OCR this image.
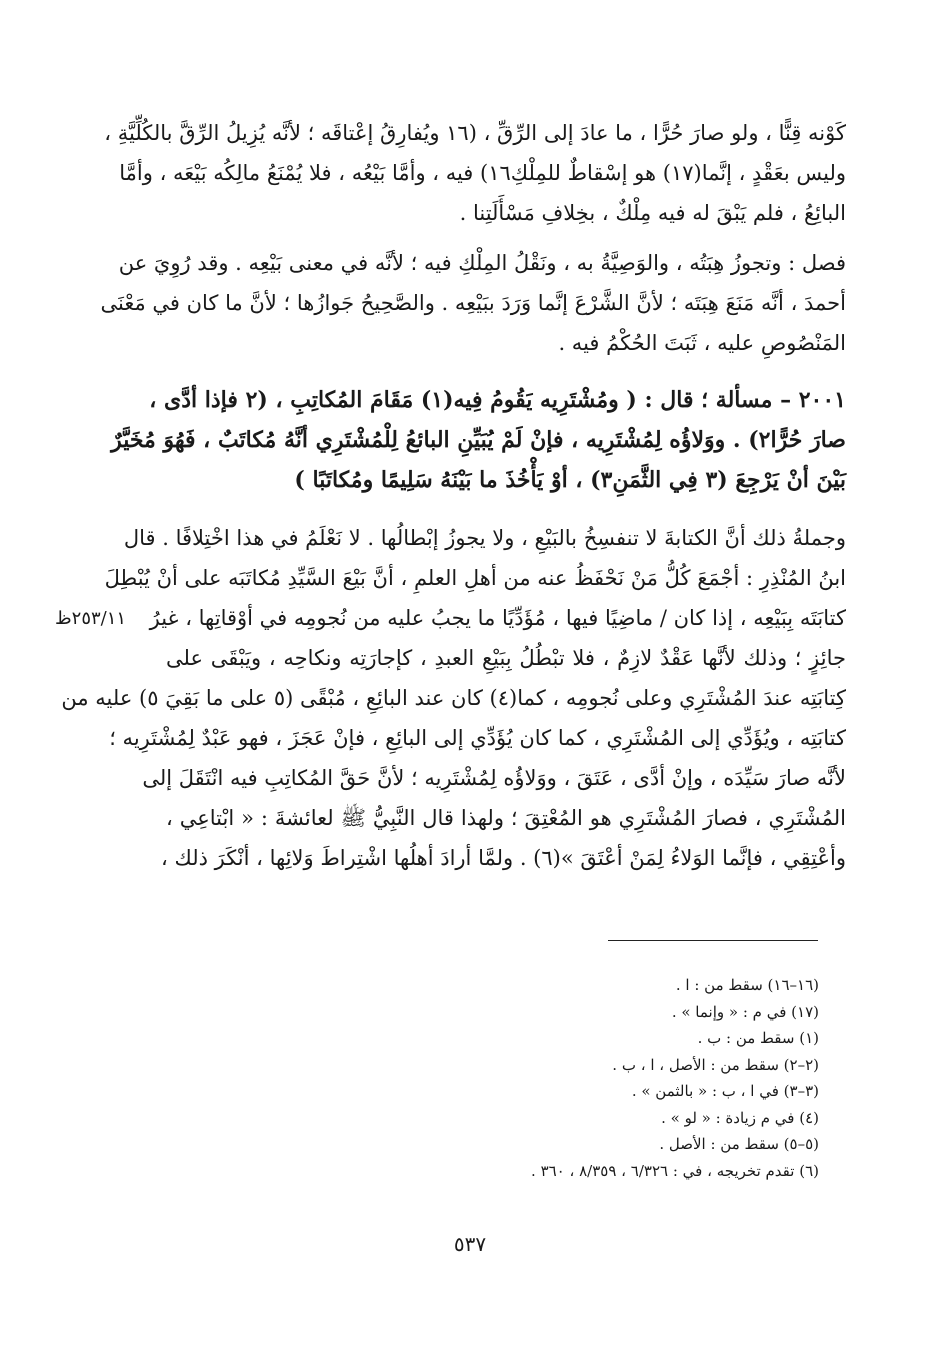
كَوْنه قِنًّا ، ولو صارَ حُرًّا ، ما عادَ إلى الرِّقِّ ، (١٦ ويُفارِقُ إعْتاقَه ؛ لأنَّه يُزِيلُ الرِّقَّ بالكُلِّيَّةِ ،
وليس بعَقْدٍ ، إنَّما(١٧) هو إسْقاطٌ للمِلْكِ١٦) فيه ، وأمَّا بَيْعُه ، فلا يُمْنَعُ مالِكُه بَيْعَه ، وأمَّا
البائِعُ ، فلم يَبْقَ له فيه مِلْكٌ ، بخِلافِ مَسْأَلَتِنا .
فصل : وتجوزُ هِبَتُه ، والوَصِيَّةُ به ، ونَقْلُ المِلْكِ فيه ؛ لأنَّه في معنى بَيْعِه . وقد رُوِيَ عن
أحمدَ ، أنَّه مَنَعَ هِبَتَه ؛ لأنَّ الشَّرْعَ إنَّما وَرَدَ ببَيْعِه . والصَّحِيحُ جَوازُها ؛ لأنَّ ما كان في مَعْنَى
المَنْصُوصِ عليه ، ثَبَتَ الحُكْمُ فيه .
٢٠٠١ – مسألة ؛ قال : ( ومُشْتَرِيه يَقُومُ فِيه(١) مَقَامَ المُكاتِبِ ، (٢ فإذا أدَّى ،
صارَ حُرًّا٢) . ووَلاؤُه لِمُشْتَرِيه ، فإنْ لَمْ يُبَيِّنِ البائعُ لِلْمُشْتَرِي أنَّهُ مُكاتَبٌ ، فَهُوَ مُخَيَّرٌ
بَيْنَ أنْ يَرْجِعَ (٣ فِي الثَّمَنِ٣) ، أوْ يَأْخُذَ ما بَيْنَهُ سَلِيمًا ومُكاتَبًا )
وجملةُ ذلك أنَّ الكتابةَ لا تنفسِخُ بالبَيْعِ ، ولا يجوزُ إبْطالُها . لا نَعْلَمُ في هذا اخْتِلافًا . قال
ابنُ المُنْذِرِ : أجْمَعَ كُلُّ مَنْ نَحْفَظُ عنه من أهلِ العلمِ ، أنَّ بَيْعَ السَّيِّدِ مُكاتَبَه على أنْ يُبْطِلَ
كتابَتَه بِبَيْعِه ، إذا كان / ماضِيًا فيها ، مُؤَدِّيًا ما يجبُ عليه من نُجومِه في أوْقاتِها ، غيرُ
جائِزٍ ؛ وذلك لأنَّها عَقْدٌ لازِمٌ ، فلا تبْطُلُ بِبَيْعِ العبدِ ، كإجارَتِه ونكاحِه ، ويَبْقَى على
كِتابَتِه عندَ المُشْتَرِي وعلى نُجومِه ، كما(٤) كان عند البائِعِ ، مُبْقًى (٥ على ما بَقِيَ ٥) عليه من
كتابَتِه ، ويُؤَدِّي إلى المُشْتَرِي ، كما كان يُؤَدِّي إلى البائِعِ ، فإنْ عَجَزَ ، فهو عَبْدٌ لِمُشْتَرِيه ؛
لأنَّه صارَ سَيِّدَه ، وإنْ أدَّى ، عَتَقَ ، ووَلاؤُه لِمُشْتَرِيه ؛ لأنَّ حَقَّ المُكاتِبِ فيه انْتَقَلَ إلى
المُشْتَرِي ، فصارَ المُشْتَرِي هو المُعْتِقَ ؛ ولهذا قال النَّبِيُّ ﷺ لعائشةَ : « ابْتاعِي ،
وأعْتِقِي ، فإنَّما الوَلاءُ لِمَنْ أعْتَقَ »(٦) . ولمَّا أرادَ أهلُها اشْتِراطَ وَلائِها ، أنْكَرَ ذلك ،
٢٥٣/١١ظ
(١٦–١٦) سقط من : ا .
(١٧) في م : « وإنما » .
(١) سقط من : ب .
(٢–٢) سقط من : الأصل ، ا ، ب .
(٣–٣) في ا ، ب : « بالثمن » .
(٤) في م زيادة : « لو » .
(٥–٥) سقط من : الأصل .
(٦) تقدم تخريجه ، في : ٦/٣٢٦ ، ٨/٣٥٩ ، ٣٦٠ .
٥٣٧
